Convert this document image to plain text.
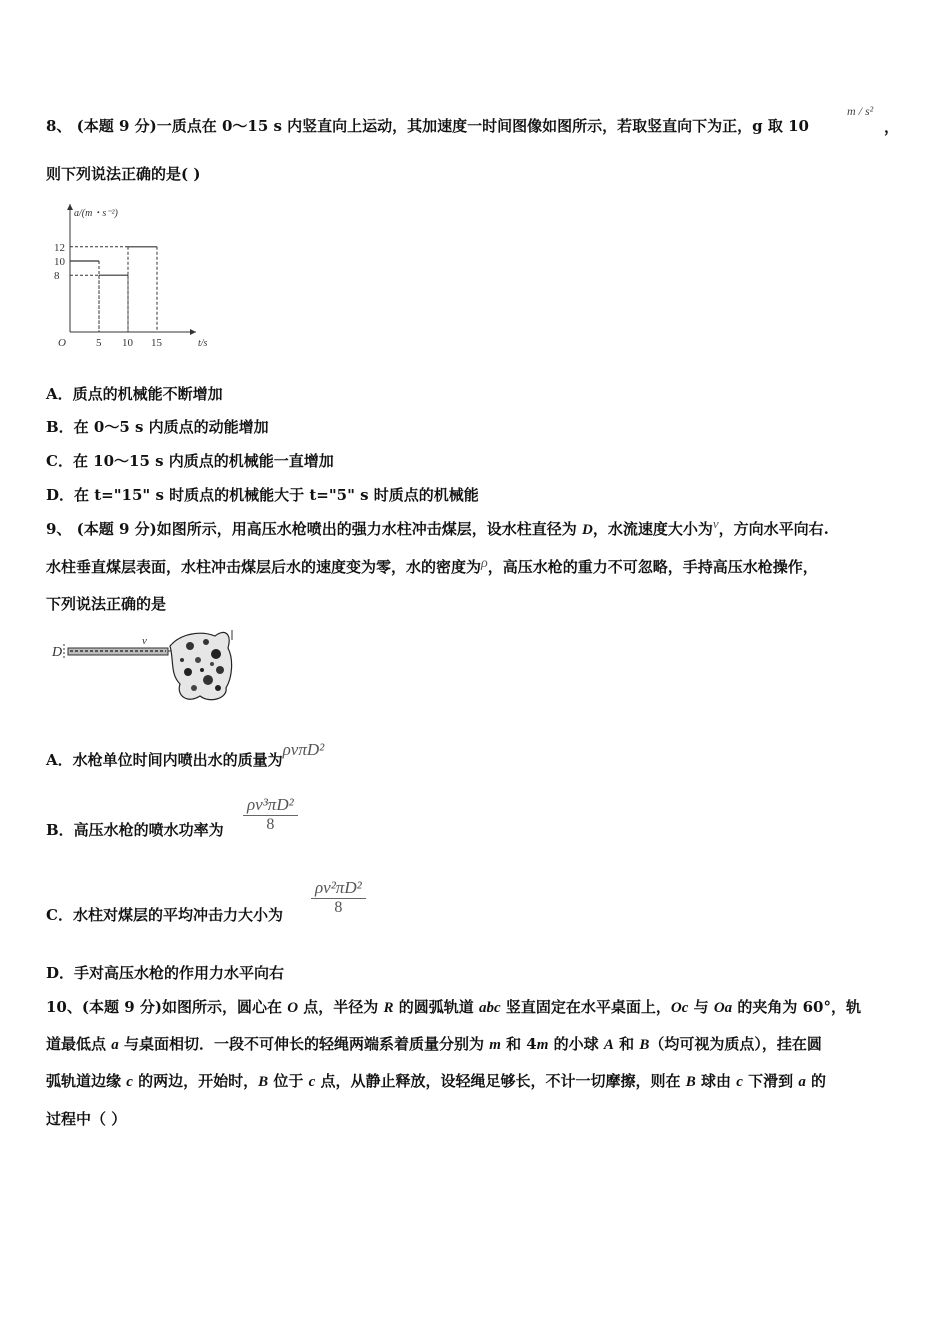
8、 (本题 9 分)一质点在 0～15 s 内竖直向上运动，其加速度一时间图像如图所示，若取竖直向下为正，g 取 10
m / s²
，
则下列说法正确的是( )
a/(m・s⁻²)
t/s
O	5 10 15
12
10
8
A．质点的机械能不断增加
B．在 0～5 s 内质点的动能增加
C．在 10～15 s 内质点的机械能一直增加
D．在 t="15" s 时质点的机械能大于 t="5" s 时质点的机械能
9、 (本题 9 分)如图所示，用高压水枪喷出的强力水柱冲击煤层，设水柱直径为 D，水流速度大小为v，方向水平向右.
水柱垂直煤层表面，水柱冲击煤层后水的速度变为零，水的密度为ρ，高压水枪的重力不可忽略，手持高压水枪操作，
下列说法正确的是
D
v
A．水枪单位时间内喷出水的质量为ρvπD²
B．高压水枪的喷水功率为 $\frac{\text{ρv³πD²}}{8}$
C．水柱对煤层的平均冲击力大小为 $\frac{\text{ρv²πD²}}{8}$
D．手对高压水枪的作用力水平向右
10、(本题 9 分)如图所示，圆心在 O 点，半径为 R 的圆弧轨道 abc 竖直固定在水平桌面上，Oc 与 Oa 的夹角为 60°，轨
道最低点 a 与桌面相切．一段不可伸长的轻绳两端系着质量分别为 m 和 4m 的小球 A 和 B（均可视为质点），挂在圆
弧轨道边缘 c 的两边，开始时，B 位于 c 点，从静止释放，设轻绳足够长，不计一切摩擦，则在 B 球由 c 下滑到 a 的
过程中（ ）
